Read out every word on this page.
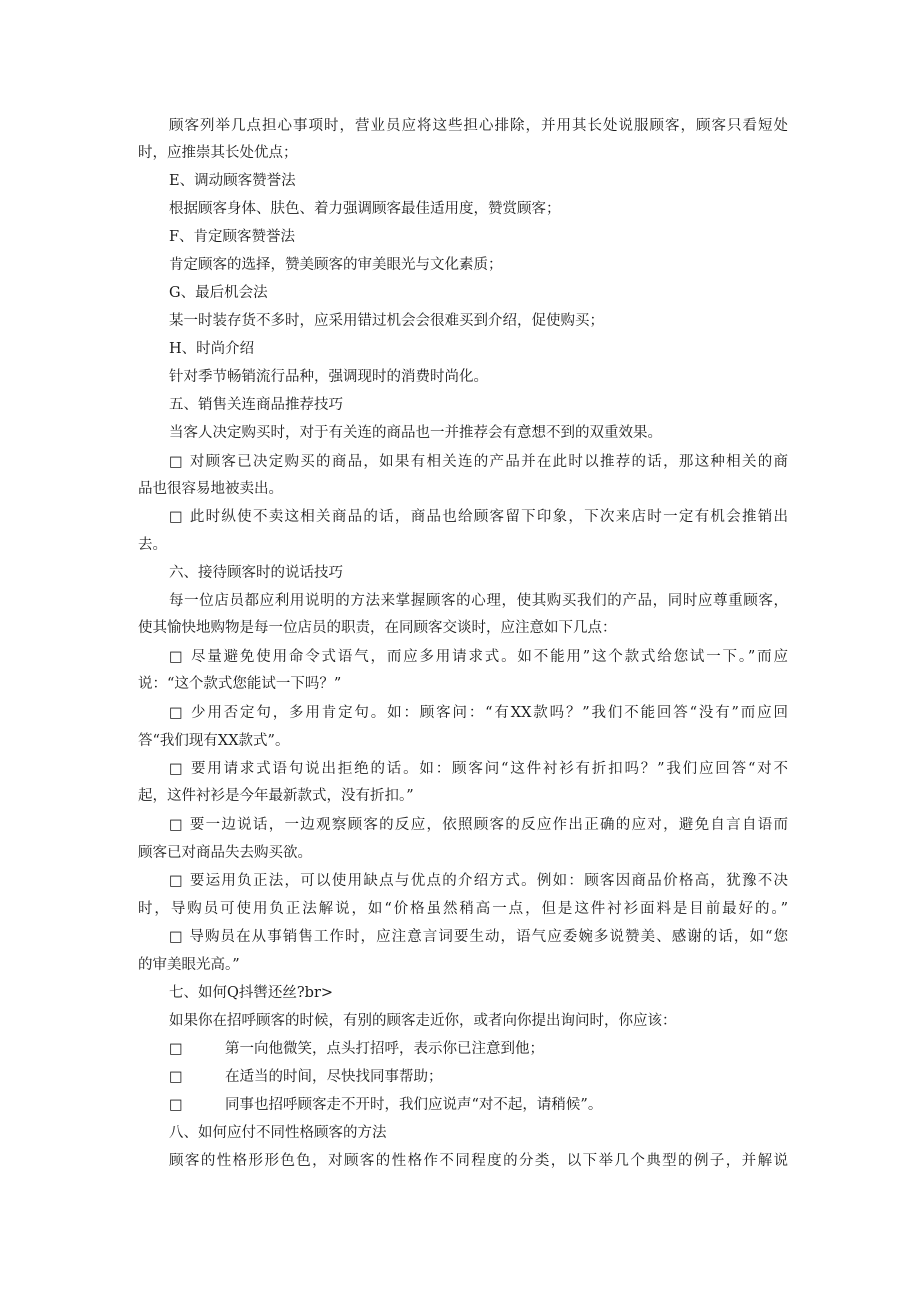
顾客列举几点担心事项时，营业员应将这些担心排除，并用其长处说服顾客，顾客只看短处
时，应推崇其长处优点；
E、调动顾客赞誉法
根据顾客身体、肤色、着力强调顾客最佳适用度，赞赏顾客；
F、肯定顾客赞誉法
肯定顾客的选择，赞美顾客的审美眼光与文化素质；
G、最后机会法
某一时装存货不多时，应采用错过机会会很难买到介绍，促使购买；
H、时尚介绍
针对季节畅销流行品种，强调现时的消费时尚化。
五、销售关连商品推荐技巧
当客人决定购买时，对于有关连的商品也一并推荐会有意想不到的双重效果。
□ 对顾客已决定购买的商品，如果有相关连的产品并在此时以推荐的话，那这种相关的商
品也很容易地被卖出。
□ 此时纵使不卖这相关商品的话，商品也给顾客留下印象，下次来店时一定有机会推销出
去。
六、接待顾客时的说话技巧
每一位店员都应利用说明的方法来掌握顾客的心理，使其购买我们的产品，同时应尊重顾客，
使其愉快地购物是每一位店员的职责，在同顾客交谈时，应注意如下几点：
□ 尽量避免使用命令式语气，而应多用请求式。如不能用”这个款式给您试一下。”而应
说：“这个款式您能试一下吗？”
□ 少用否定句，多用肯定句。如：顾客问：“有XX款吗？”我们不能回答“没有”而应回
答“我们现有XX款式”。
□ 要用请求式语句说出拒绝的话。如：顾客问“这件衬衫有折扣吗？”我们应回答“对不
起，这件衬衫是今年最新款式，没有折扣。”
□ 要一边说话，一边观察顾客的反应，依照顾客的反应作出正确的应对，避免自言自语而
顾客已对商品失去购买欲。
□ 要运用负正法，可以使用缺点与优点的介绍方式。例如：顾客因商品价格高，犹豫不决
时，导购员可使用负正法解说，如“价格虽然稍高一点，但是这件衬衫面料是目前最好的。”
□ 导购员在从事销售工作时，应注意言词要生动，语气应委婉多说赞美、感谢的话，如“您
的审美眼光高。”
七、如何Q抖辔还丝?br>
如果你在招呼顾客的时候，有别的顾客走近你，或者向你提出询问时，你应该：
□	第一向他微笑，点头打招呼，表示你已注意到他；
□	在适当的时间，尽快找同事帮助；
□	同事也招呼顾客走不开时，我们应说声“对不起，请稍候”。
八、如何应付不同性格顾客的方法
顾客的性格形形色色，对顾客的性格作不同程度的分类，以下举几个典型的例子，并解说
